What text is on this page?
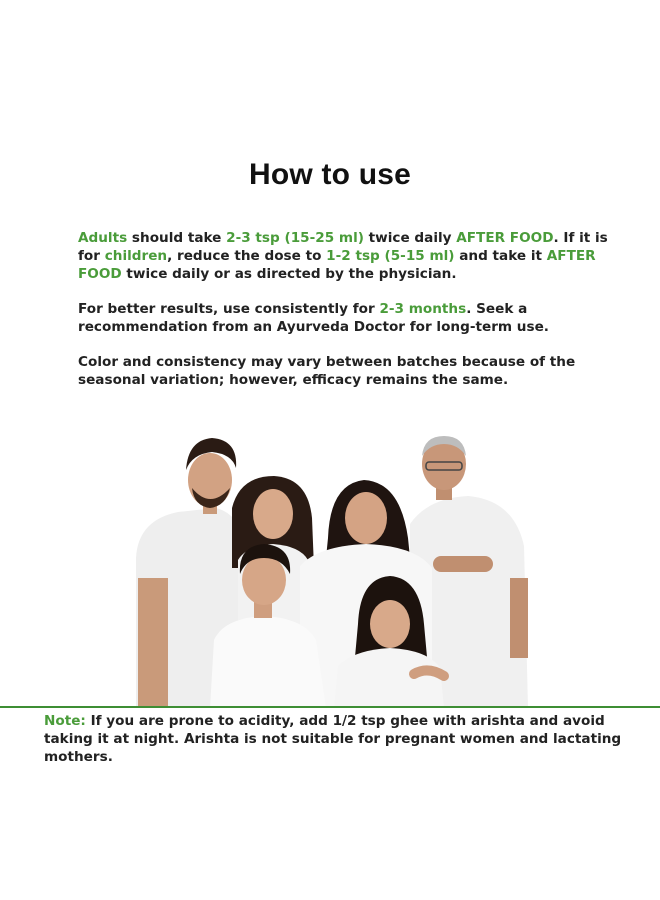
How to use

Adults should take 2-3 tsp (15-25 ml) twice daily AFTER FOOD. If it is for children, reduce the dose to 1-2 tsp (5-15 ml) and take it AFTER FOOD twice daily or as directed by the physician.

For better results, use consistently for 2-3 months. Seek a recommendation from an Ayurveda Doctor for long-term use.

Color and consistency may vary between batches because of the seasonal variation; however, efficacy remains the same.

Note: If you are prone to acidity, add 1/2 tsp ghee with arishta and avoid taking it at night. Arishta is not suitable for pregnant women and lactating mothers.
